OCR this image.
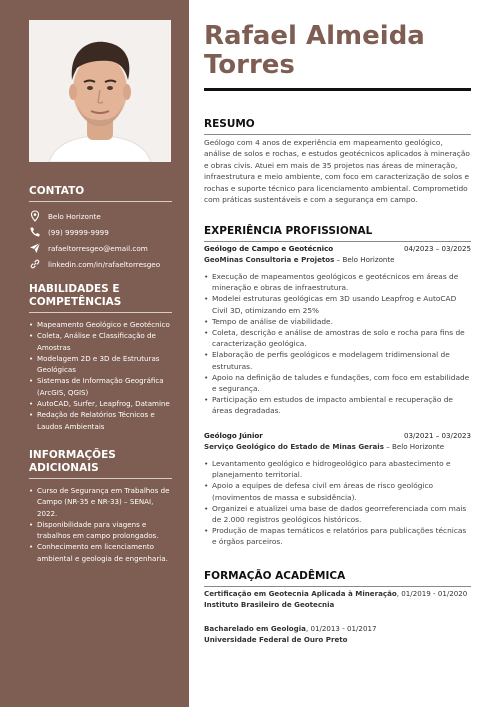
CONTATO
Belo Horizonte
(99) 99999-9999
rafaeltorresgeo@email.com
linkedin.com/in/rafaeltorresgeo
HABILIDADES E COMPETÊNCIAS
• Mapeamento Geológico e Geotécnico
• Coleta, Análise e Classificação de Amostras
• Modelagem 2D e 3D de Estruturas Geológicas
• Sistemas de Informação Geográfica (ArcGIS, QGIS)
• AutoCAD, Surfer, Leapfrog, Datamine
• Redação de Relatórios Técnicos e Laudos Ambientais
INFORMAÇÕES ADICIONAIS
• Curso de Segurança em Trabalhos de Campo (NR-35 e NR-33) – SENAI, 2022.
• Disponibilidade para viagens e trabalhos em campo prolongados.
• Conhecimento em licenciamento ambiental e geologia de engenharia.
Rafael Almeida Torres
RESUMO
Geólogo com 4 anos de experiência em mapeamento geológico, análise de solos e rochas, e estudos geotécnicos aplicados à mineração e obras civis. Atuei em mais de 35 projetos nas áreas de mineração, infraestrutura e meio ambiente, com foco em caracterização de solos e rochas e suporte técnico para licenciamento ambiental. Comprometido com práticas sustentáveis e com a segurança em campo.
EXPERIÊNCIA PROFISSIONAL
Geólogo de Campo e Geotécnico	04/2023 – 03/2025
GeoMinas Consultoria e Projetos – Belo Horizonte
• Execução de mapeamentos geológicos e geotécnicos em áreas de mineração e obras de infraestrutura.
• Modelei estruturas geológicas em 3D usando Leapfrog e AutoCAD Civil 3D, otimizando em 25%
• Tempo de análise de viabilidade.
• Coleta, descrição e análise de amostras de solo e rocha para fins de caracterização geológica.
• Elaboração de perfis geológicos e modelagem tridimensional de estruturas.
• Apoio na definição de taludes e fundações, com foco em estabilidade e segurança.
• Participação em estudos de impacto ambiental e recuperação de áreas degradadas.
Geólogo Júnior	03/2021 – 03/2023
Serviço Geológico do Estado de Minas Gerais – Belo Horizonte
• Levantamento geológico e hidrogeológico para abastecimento e planejamento territorial.
• Apoio a equipes de defesa civil em áreas de risco geológico (movimentos de massa e subsidência).
• Organizei e atualizei uma base de dados georreferenciada com mais de 2.000 registros geológicos históricos.
• Produção de mapas temáticos e relatórios para publicações técnicas e órgãos parceiros.
FORMAÇÃO ACADÊMICA
Certificação em Geotecnia Aplicada à Mineração, 01/2019 - 01/2020
Instituto Brasileiro de Geotecnia
Bacharelado em Geologia, 01/2013 - 01/2017
Universidade Federal de Ouro Preto
